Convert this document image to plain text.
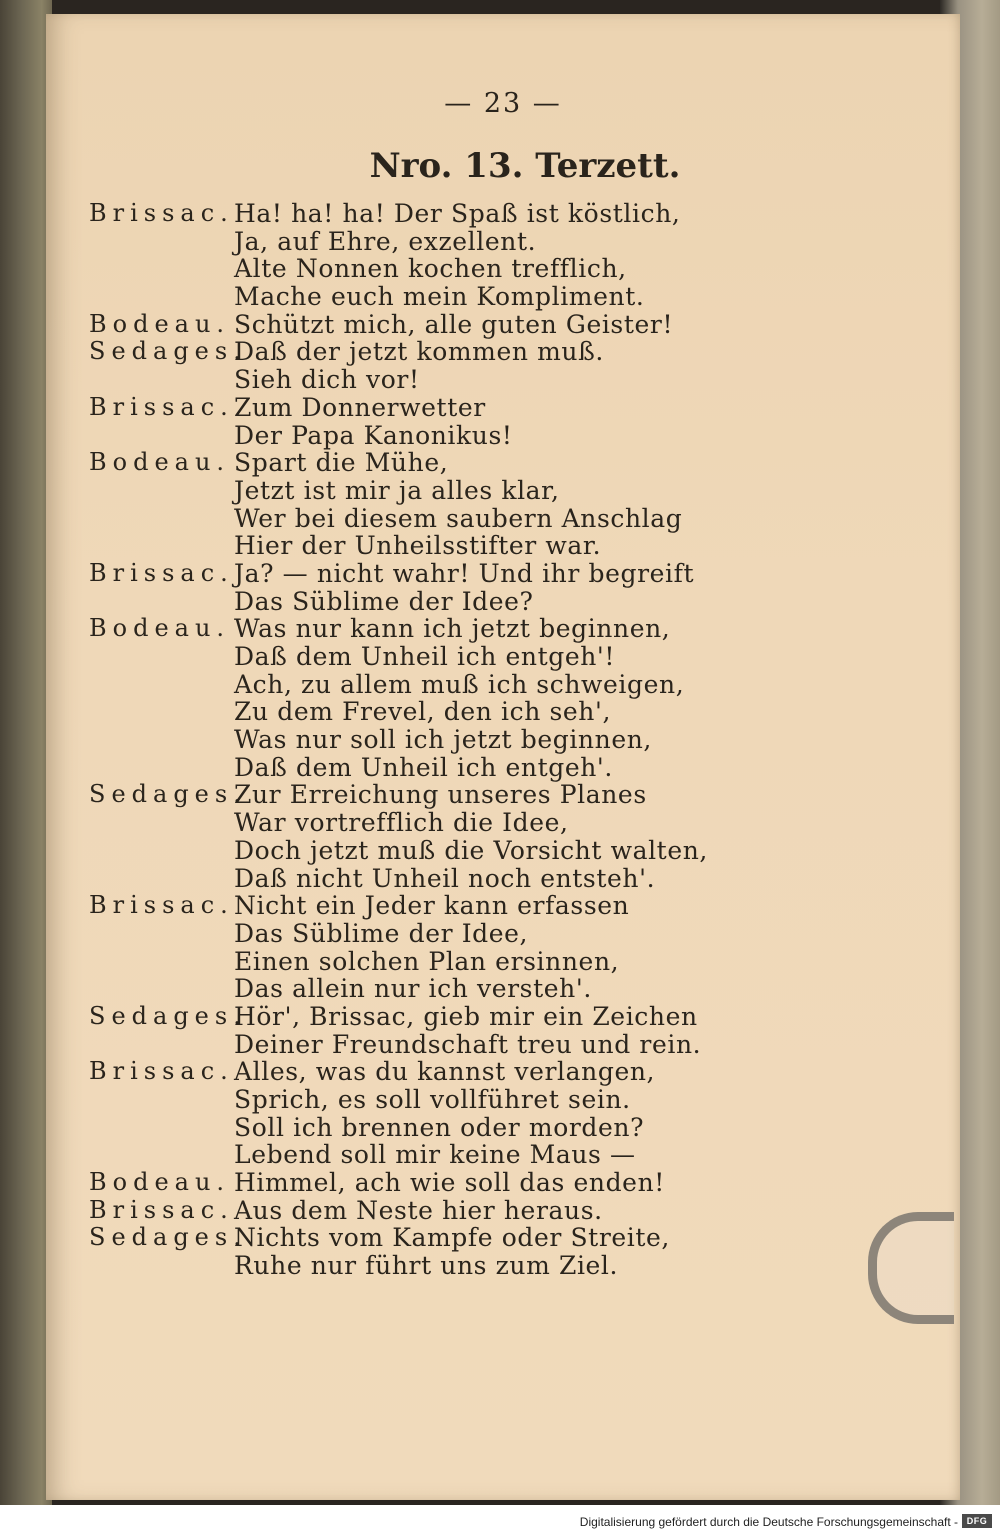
— 23 —
Nro. 13. Terzett.
Brissac. Ha! ha! ha! Der Spaß ist köstlich,
Ja, auf Ehre, exzellent.
Alte Nonnen kochen trefflich,
Mache euch mein Kompliment.
Bodeau. Schützt mich, alle guten Geister!
Sedages.
Daß der jetzt kommen muß.
Sieh dich vor!
Brissac. Zum Donnerwetter
Der Papa Kanonikus!
Bodeau. Spart die Mühe,
Jetzt ist mir ja alles klar,
Wer bei diesem saubern Anschlag
Hier der Unheilsstifter war.
Brissac. Ja? — nicht wahr! Und ihr begreift
Das Süblime der Idee?
Bodeau. Was nur kann ich jetzt beginnen,
Daß dem Unheil ich entgeh'!
Ach, zu allem muß ich schweigen,
Zu dem Frevel, den ich seh',
Was nur soll ich jetzt beginnen,
Daß dem Unheil ich entgeh'.
Sedages.
Zur Erreichung unseres Planes
War vortrefflich die Idee,
Doch jetzt muß die Vorsicht walten,
Daß nicht Unheil noch entsteh'.
Brissac. Nicht ein Jeder kann erfassen
Das Süblime der Idee,
Einen solchen Plan ersinnen,
Das allein nur ich versteh'.
Sedages.
Hör', Brissac, gieb mir ein Zeichen
Deiner Freundschaft treu und rein.
Brissac. Alles, was du kannst verlangen,
Sprich, es soll vollführet sein.
Soll ich brennen oder morden?
Lebend soll mir keine Maus —
Bodeau. Himmel, ach wie soll das enden!
Brissac. Aus dem Neste hier heraus.
Sedages.
Nichts vom Kampfe oder Streite,
Ruhe nur führt uns zum Ziel.
Digitalisierung gefördert durch die Deutsche Forschungsgemeinschaft - DFG
